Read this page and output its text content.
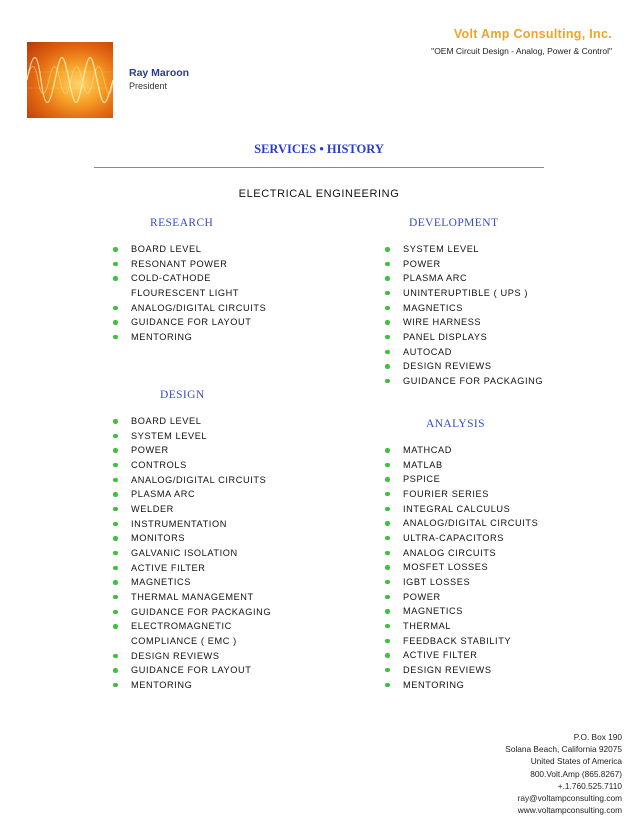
Volt Amp Consulting, Inc.
"OEM Circuit Design - Analog, Power & Control"
Ray Maroon
President
SERVICES • HISTORY
ELECTRICAL ENGINEERING
RESEARCH
BOARD LEVEL
RESONANT POWER
COLD-CATHODE
FLOURESCENT LIGHT
ANALOG/DIGITAL CIRCUITS
GUIDANCE FOR LAYOUT
MENTORING
DEVELOPMENT
SYSTEM LEVEL
POWER
PLASMA ARC
UNINTERUPTIBLE ( UPS )
MAGNETICS
WIRE HARNESS
PANEL DISPLAYS
AUTOCAD
DESIGN REVIEWS
GUIDANCE FOR PACKAGING
DESIGN
BOARD LEVEL
SYSTEM LEVEL
POWER
CONTROLS
ANALOG/DIGITAL CIRCUITS
PLASMA ARC
WELDER
INSTRUMENTATION
MONITORS
GALVANIC ISOLATION
ACTIVE FILTER
MAGNETICS
THERMAL MANAGEMENT
GUIDANCE FOR PACKAGING
ELECTROMAGNETIC
COMPLIANCE ( EMC )
DESIGN REVIEWS
GUIDANCE FOR LAYOUT
MENTORING
ANALYSIS
MATHCAD
MATLAB
PSPICE
FOURIER SERIES
INTEGRAL CALCULUS
ANALOG/DIGITAL CIRCUITS
ULTRA-CAPACITORS
ANALOG CIRCUITS
MOSFET LOSSES
IGBT LOSSES
POWER
MAGNETICS
THERMAL
FEEDBACK STABILITY
ACTIVE FILTER
DESIGN REVIEWS
MENTORING
P.O. Box 190
Solana Beach, California 92075
United States of America
800.Volt.Amp (865.8267)
+.1.760.525.7110
ray@voltampconsulting.com
www.voltampconsulting.com
